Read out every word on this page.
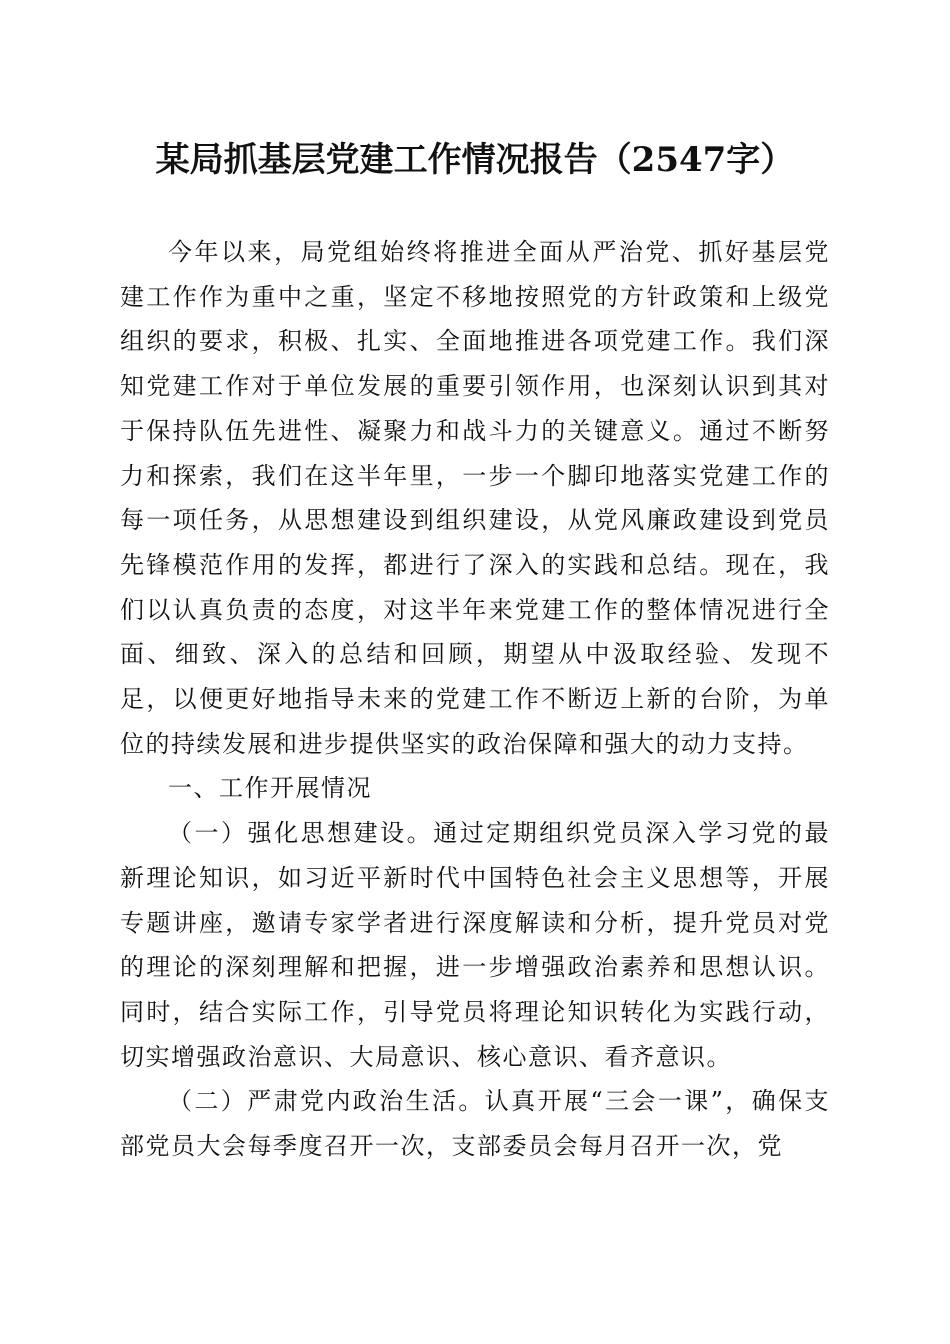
某局抓基层党建工作情况报告（2547字）

今年以来，局党组始终将推进全面从严治党、抓好基层党建工作作为重中之重，坚定不移地按照党的方针政策和上级党组织的要求，积极、扎实、全面地推进各项党建工作。我们深知党建工作对于单位发展的重要引领作用，也深刻认识到其对于保持队伍先进性、凝聚力和战斗力的关键意义。通过不断努力和探索，我们在这半年里，一步一个脚印地落实党建工作的每一项任务，从思想建设到组织建设，从党风廉政建设到党员先锋模范作用的发挥，都进行了深入的实践和总结。现在，我们以认真负责的态度，对这半年来党建工作的整体情况进行全面、细致、深入的总结和回顾，期望从中汲取经验、发现不足，以便更好地指导未来的党建工作不断迈上新的台阶，为单位的持续发展和进步提供坚实的政治保障和强大的动力支持。

一、工作开展情况

（一）强化思想建设。通过定期组织党员深入学习党的最新理论知识，如习近平新时代中国特色社会主义思想等，开展专题讲座，邀请专家学者进行深度解读和分析，提升党员对党的理论的深刻理解和把握，进一步增强政治素养和思想认识。同时，结合实际工作，引导党员将理论知识转化为实践行动，切实增强政治意识、大局意识、核心意识、看齐意识。

（二）严肃党内政治生活。认真开展“三会一课”，确保支部党员大会每季度召开一次，支部委员会每月召开一次，党
